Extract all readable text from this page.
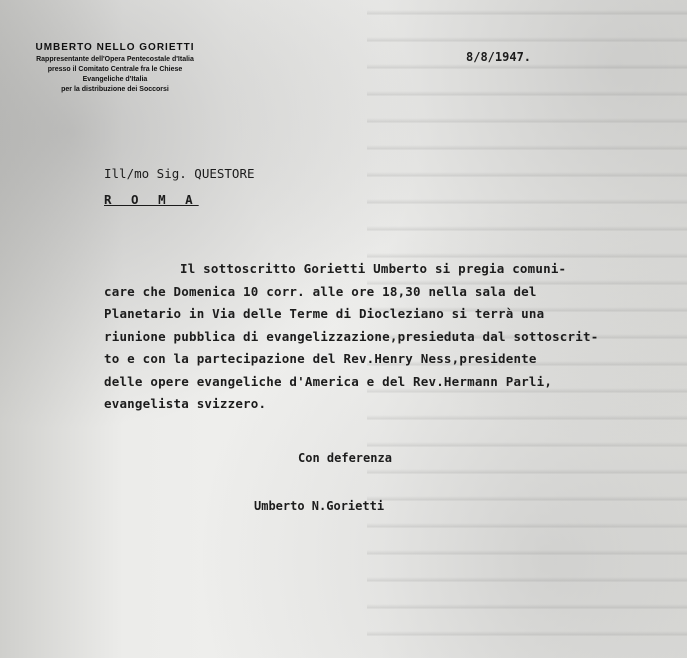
UMBERTO NELLO GORIETTI
Rappresentante dell'Opera Pentecostale d'Italia
presso il Comitato Centrale fra le Chiese
Evangeliche d'Italia
per la distribuzione dei Soccorsi
8/8/1947.
Ill/mo Sig. QUESTORE
R O M A
Il sottoscritto Gorietti Umberto si pregia comuni-
care che Domenica 10 corr. alle ore 18,30 nella sala del
Planetario in Via delle Terme di Diocleziano si terrà una
riunione pubblica di evangelizzazione,presieduta dal sottoscrit-
to e con la partecipazione del Rev.Henry Ness,presidente
delle opere evangeliche d'America e del Rev.Hermann Parli,
evangelista svizzero.
Con deferenza
Umberto N.Gorietti
